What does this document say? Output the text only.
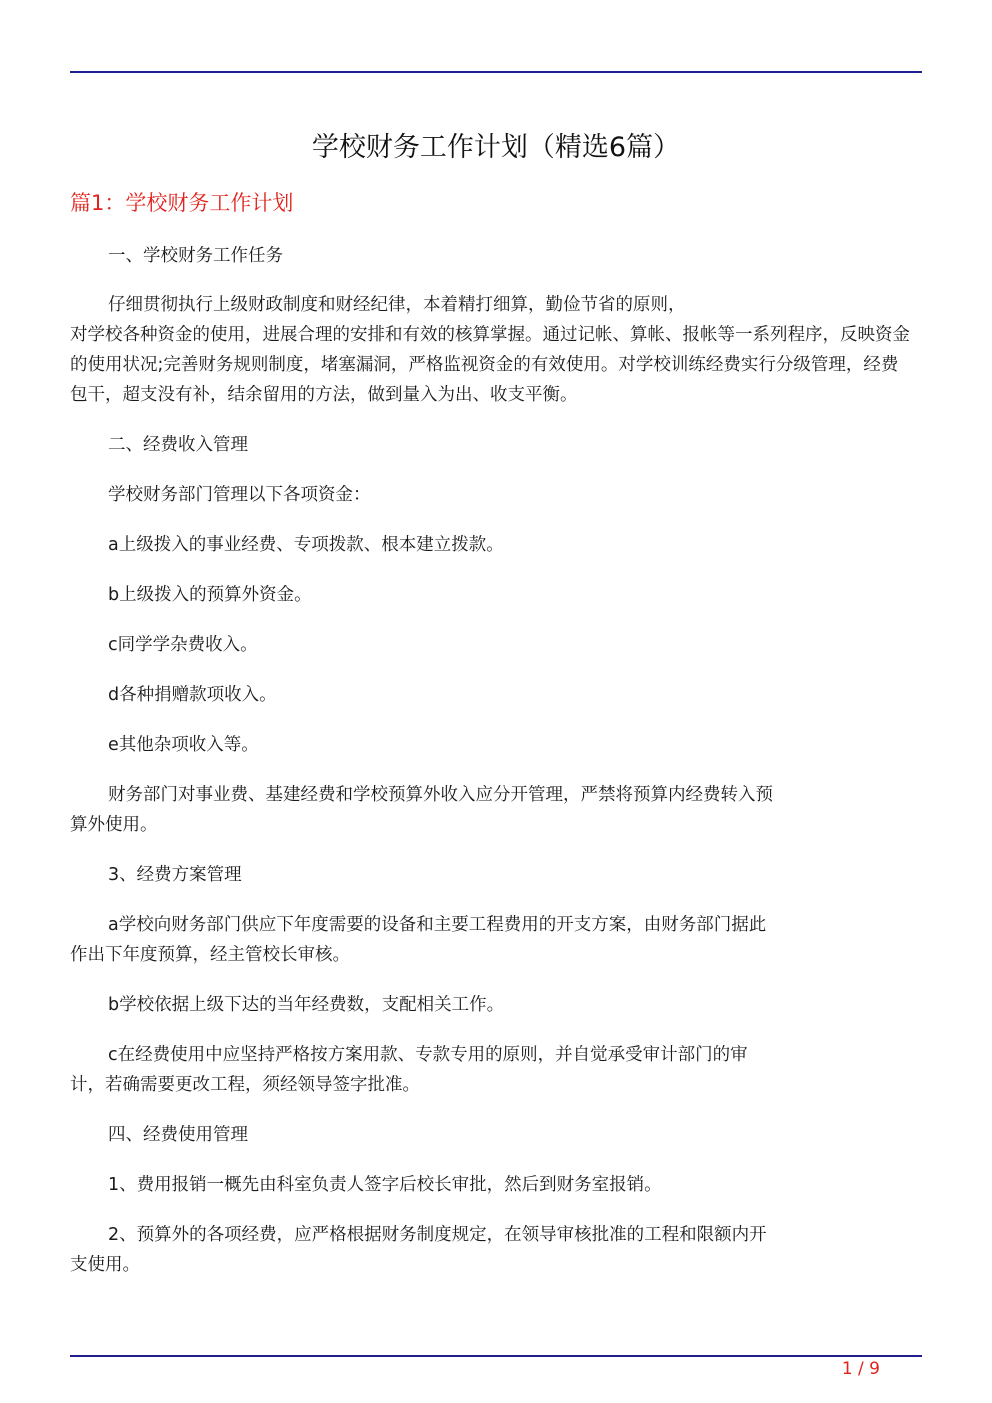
学校财务工作计划（精选6篇）
篇1：学校财务工作计划

一、学校财务工作任务

仔细贯彻执行上级财政制度和财经纪律，本着精打细算，勤俭节省的原则，

对学校各种资金的使用，进展合理的安排和有效的核算掌握。通过记帐、算帐、报帐等一系列程序，反映资金的使用状况;完善财务规则制度，堵塞漏洞，严格监视资金的有效使用。对学校训练经费实行分级管理，经费包干，超支没有补，结余留用的方法，做到量入为出、收支平衡。

二、经费收入管理

学校财务部门管理以下各项资金：

a上级拨入的事业经费、专项拨款、根本建立拨款。

b上级拨入的预算外资金。

c同学学杂费收入。

d各种捐赠款项收入。

e其他杂项收入等。

财务部门对事业费、基建经费和学校预算外收入应分开管理，严禁将预算内经费转入预算外使用。

3、经费方案管理

a学校向财务部门供应下年度需要的设备和主要工程费用的开支方案，由财务部门据此作出下年度预算，经主管校长审核。

b学校依据上级下达的当年经费数，支配相关工作。

c在经费使用中应坚持严格按方案用款、专款专用的原则，并自觉承受审计部门的审计，若确需要更改工程，须经领导签字批准。

四、经费使用管理

1、费用报销一概先由科室负责人签字后校长审批，然后到财务室报销。

2、预算外的各项经费，应严格根据财务制度规定，在领导审核批准的工程和限额内开支使用。

1 / 9
